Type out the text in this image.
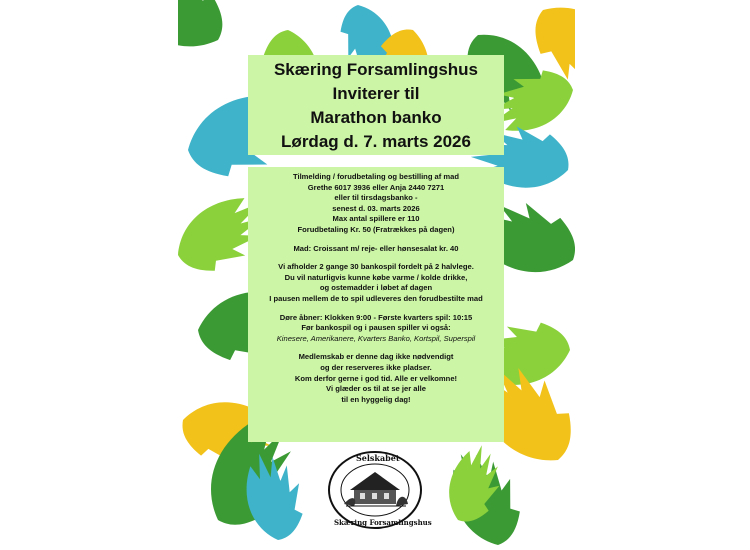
Skæring Forsamlingshus
Inviterer til
Marathon banko
Lørdag d. 7. marts 2026
Tilmelding / forudbetaling og bestilling af mad
Grethe 6017 3936 eller Anja 2440 7271
eller til tirsdagsbanko -
senest d. 03. marts 2026
Max antal spillere er 110
Forudbetaling Kr. 50 (Fratrækkes på dagen)
Mad: Croissant m/ reje- eller hønsesalat kr. 40
Vi afholder 2 gange 30 bankospil fordelt på 2 halvlege.
Du vil naturligvis kunne købe varme / kolde drikke,
og ostemadder i løbet af dagen
I pausen mellem de to spil udleveres den forudbestilte mad
Døre åbner: Klokken 9:00 - Første kvarters spil: 10:15
Før bankospil og i pausen spiller vi også:
Kinesere, Amerikanere, Kvarters Banko, Kortspil, Superspil
Medlemskab er denne dag ikke nødvendigt
og der reserveres ikke pladser.
Kom derfor gerne i god tid. Alle er velkomne!
Vi glæder os til at se jer alle
til en hyggelig dag!
Selskabet
Skæring Forsamlingshus
